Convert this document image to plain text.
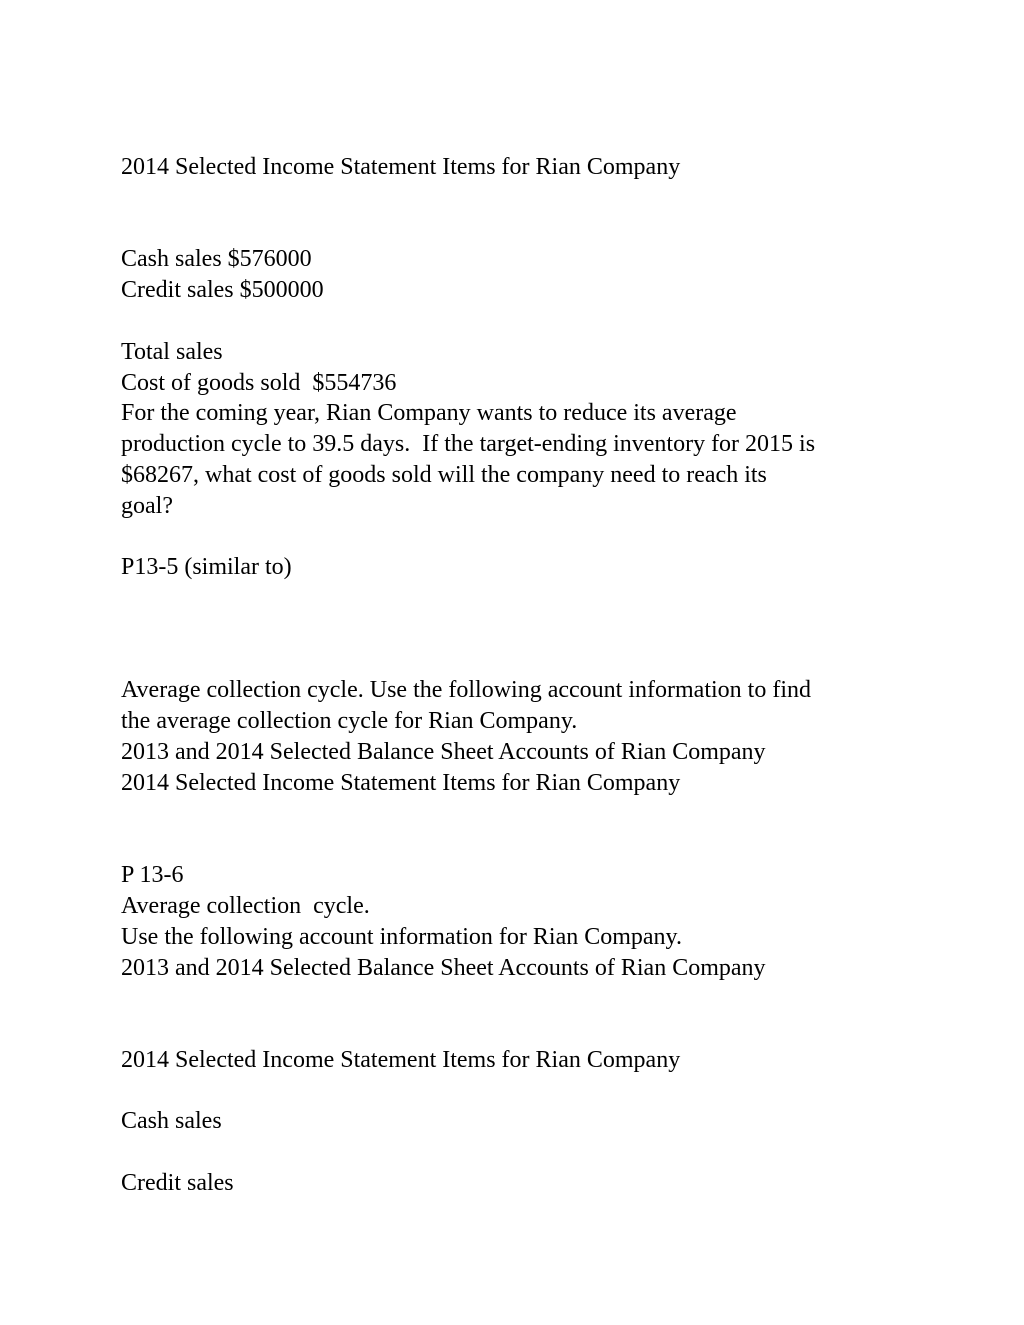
2014 Selected Income Statement Items for Rian Company
Cash sales $576000
Credit sales $500000
Total sales
Cost of goods sold  $554736
For the coming year, Rian Company wants to reduce its average
production cycle to 39.5 days.  If the target-ending inventory for 2015 is
$68267, what cost of goods sold will the company need to reach its
goal?
P13-5 (similar to)
Average collection cycle. Use the following account information to find
the average collection cycle for Rian Company.
2013 and 2014 Selected Balance Sheet Accounts of Rian Company
2014 Selected Income Statement Items for Rian Company
P 13-6
Average collection  cycle.
Use the following account information for Rian Company.
2013 and 2014 Selected Balance Sheet Accounts of Rian Company
2014 Selected Income Statement Items for Rian Company
Cash sales
Credit sales
